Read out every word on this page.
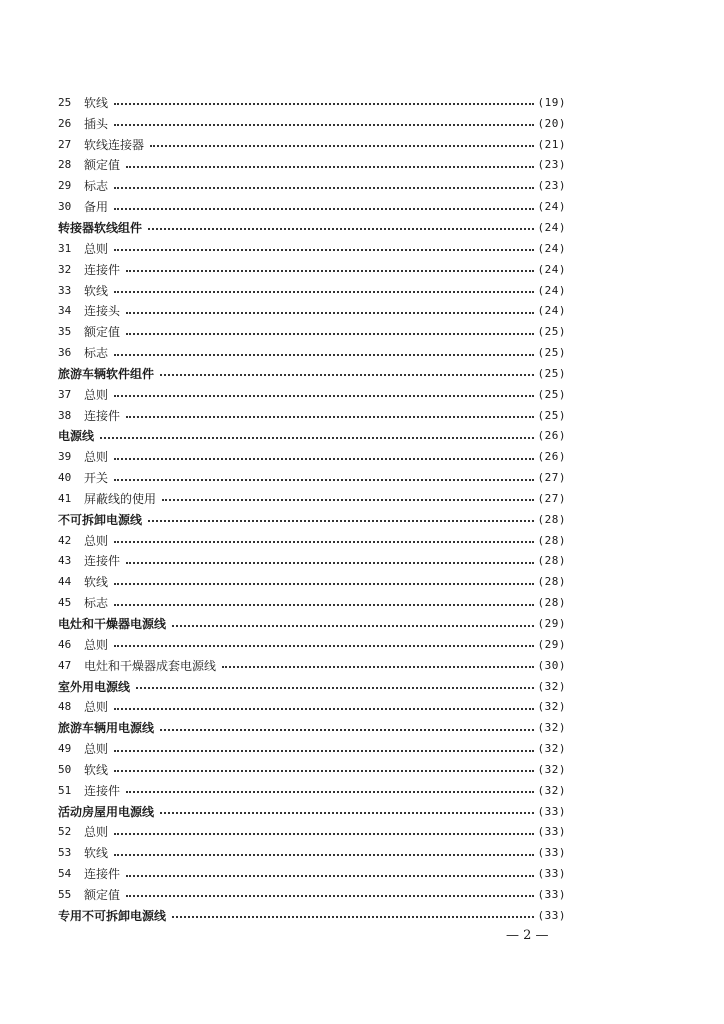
25	软线	(19)
26	插头	(20)
27	软线连接器	(21)
28	额定值	(23)
29	标志	(23)
30	备用	(24)
转接器软线组件	(24)
31	总则	(24)
32	连接件	(24)
33	软线	(24)
34	连接头	(24)
35	额定值	(25)
36	标志	(25)
旅游车辆软件组件	(25)
37	总则	(25)
38	连接件	(25)
电源线	(26)
39	总则	(26)
40	开关	(27)
41	屏蔽线的使用	(27)
不可拆卸电源线	(28)
42	总则	(28)
43	连接件	(28)
44	软线	(28)
45	标志	(28)
电灶和干燥器电源线	(29)
46	总则	(29)
47	电灶和干燥器成套电源线	(30)
室外用电源线	(32)
48	总则	(32)
旅游车辆用电源线	(32)
49	总则	(32)
50	软线	(32)
51	连接件	(32)
活动房屋用电源线	(33)
52	总则	(33)
53	软线	(33)
54	连接件	(33)
55	额定值	(33)
专用不可拆卸电源线	(33)
— 2 —
